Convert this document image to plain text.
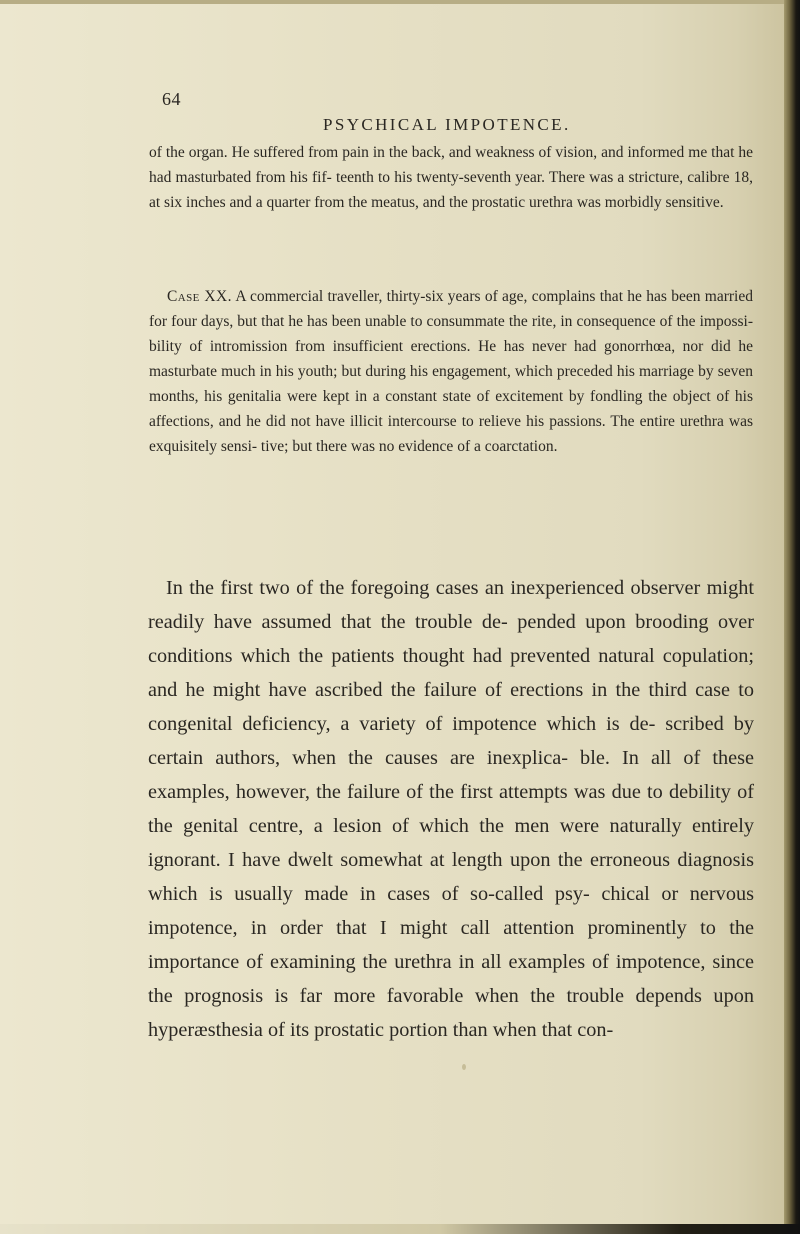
64
PSYCHICAL IMPOTENCE.

of the organ. He suffered from pain in the back, and weakness of vision, and informed me that he had masturbated from his fif- teenth to his twenty-seventh year. There was a stricture, calibre 18, at six inches and a quarter from the meatus, and the prostatic urethra was morbidly sensitive.

Case XX. A commercial traveller, thirty-six years of age, complains that he has been married for four days, but that he has been unable to consummate the rite, in consequence of the impossi- bility of intromission from insufficient erections. He has never had gonorrhœa, nor did he masturbate much in his youth; but during his engagement, which preceded his marriage by seven months, his genitalia were kept in a constant state of excitement by fondling the object of his affections, and he did not have illicit intercourse to relieve his passions. The entire urethra was exquisitely sensi- tive; but there was no evidence of a coarctation.

In the first two of the foregoing cases an inexperienced observer might readily have assumed that the trouble de- pended upon brooding over conditions which the patients thought had prevented natural copulation; and he might have ascribed the failure of erections in the third case to congenital deficiency, a variety of impotence which is de- scribed by certain authors, when the causes are inexplica- ble. In all of these examples, however, the failure of the first attempts was due to debility of the genital centre, a lesion of which the men were naturally entirely ignorant. I have dwelt somewhat at length upon the erroneous diagnosis which is usually made in cases of so-called psy- chical or nervous impotence, in order that I might call attention prominently to the importance of examining the urethra in all examples of impotence, since the prognosis is far more favorable when the trouble depends upon hyperæsthesia of its prostatic portion than when that con-
